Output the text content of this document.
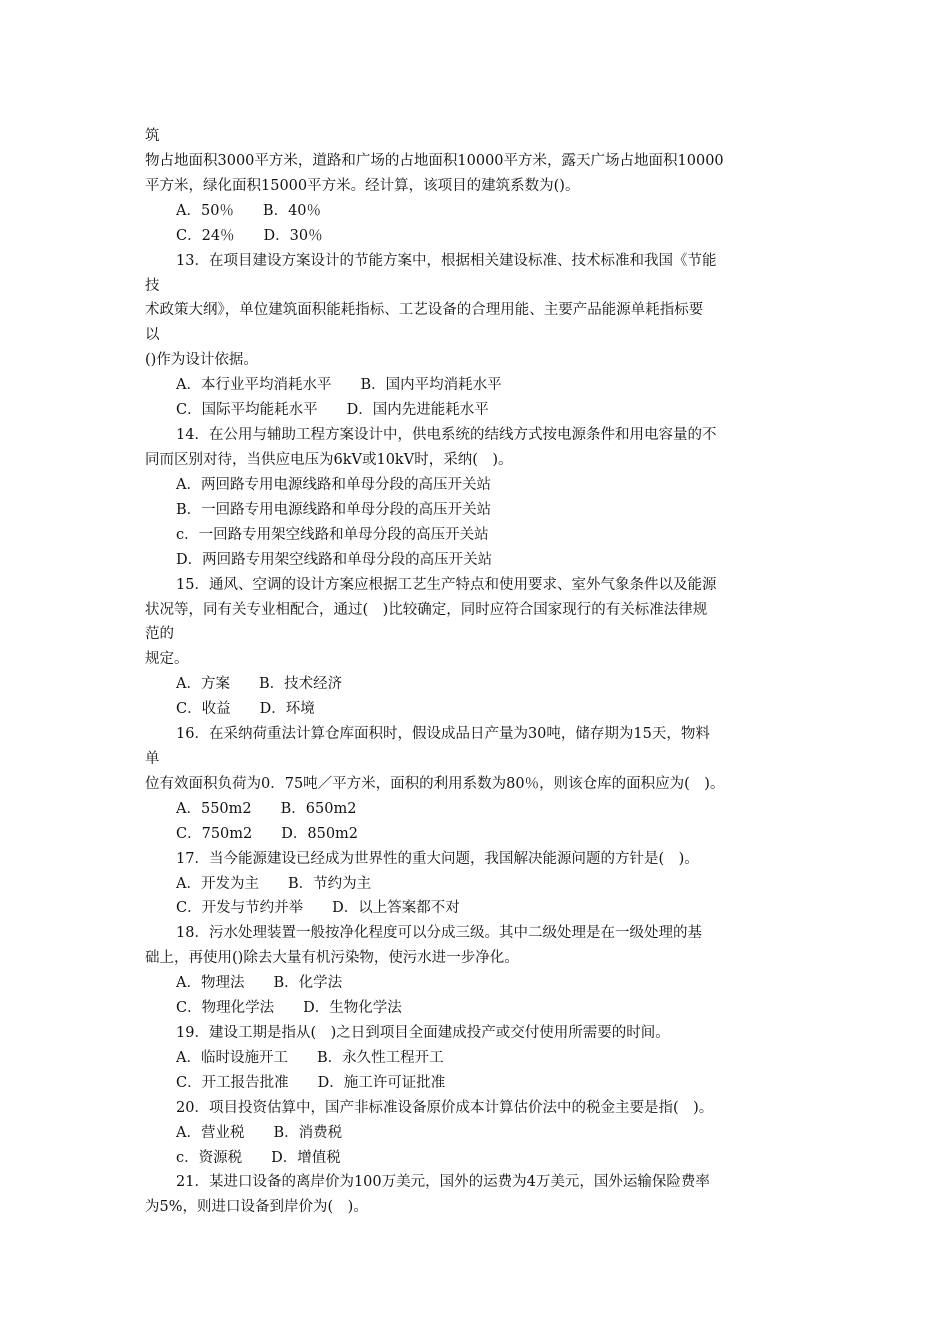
筑
物占地面积3000平方米，道路和广场的占地面积10000平方米，露天广场占地面积10000
平方米，绿化面积15000平方米。经计算，该项目的建筑系数为()。
A．50％　　B．40％
C．24％　　D．30％
13．在项目建设方案设计的节能方案中，根据相关建设标准、技术标准和我国《节能
技
术政策大纲》，单位建筑面积能耗指标、工艺设备的合理用能、主要产品能源单耗指标要
以
()作为设计依据。
A．本行业平均消耗水平　　B．国内平均消耗水平
C．国际平均能耗水平　　D．国内先进能耗水平
14．在公用与辅助工程方案设计中，供电系统的结线方式按电源条件和用电容量的不
同而区别对待，当供应电压为6kV或10kV时，采纳(　)。
A．两回路专用电源线路和单母分段的高压开关站
B．一回路专用电源线路和单母分段的高压开关站
c．一回路专用架空线路和单母分段的高压开关站
D．两回路专用架空线路和单母分段的高压开关站
15．通风、空调的设计方案应根据工艺生产特点和使用要求、室外气象条件以及能源
状况等，同有关专业相配合，通过(　)比较确定，同时应符合国家现行的有关标准法律规
范的
规定。
A．方案　　B．技术经济
C．收益　　D．环境
16．在采纳荷重法计算仓库面积时，假设成品日产量为30吨，储存期为15天，物料
单
位有效面积负荷为0．75吨／平方米，面积的利用系数为80％，则该仓库的面积应为(　)。
A．550m2　　B．650m2
C．750m2　　D．850m2
17．当今能源建设已经成为世界性的重大问题，我国解决能源问题的方针是(　)。
A．开发为主　　B．节约为主
C．开发与节约并举　　D．以上答案都不对
18．污水处理装置一般按净化程度可以分成三级。其中二级处理是在一级处理的基
础上，再使用()除去大量有机污染物，使污水进一步净化。
A．物理法　　B．化学法
C．物理化学法　　D．生物化学法
19．建设工期是指从(　)之日到项目全面建成投产或交付使用所需要的时间。
A．临时设施开工　　B．永久性工程开工
C．开工报告批准　　D．施工许可证批准
20．项目投资估算中，国产非标准设备原价成本计算估价法中的税金主要是指(　)。
A．营业税　　B．消费税
c．资源税　　D．增值税
21．某进口设备的离岸价为100万美元，国外的运费为4万美元，国外运输保险费率
为5%，则进口设备到岸价为(　)。
